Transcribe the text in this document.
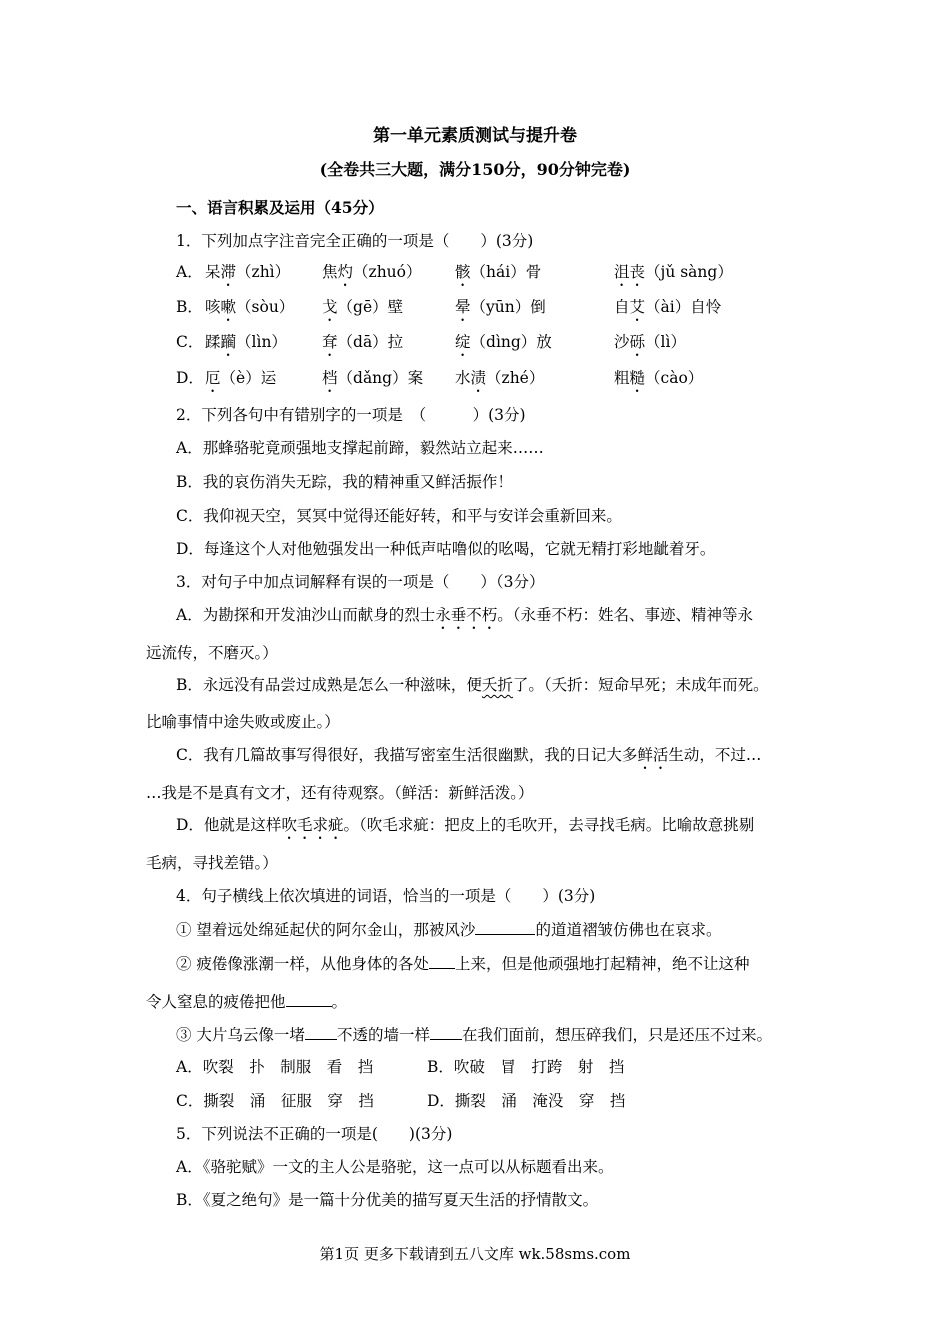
第一单元素质测试与提升卷
(全卷共三大题，满分150分，90分钟完卷)
一、语言积累及运用（45分）
1．下列加点字注音完全正确的一项是（　　）(3分)
A． 呆滞（zhì） 焦灼（zhuó） 骸（hái）骨	沮丧（jǔ sàng）
B． 咳嗽（sòu） 戈（gē）壁	晕（yūn）倒	自艾（ài）自怜
C． 蹂躏（lìn） 耷（dā）拉	绽（dìng）放	沙砾（lì）
D． 厄（è）运	档（dǎng）案 水渍（zhé）	粗糙（cào）
2．下列各句中有错别字的一项是　（　　　）(3分)
A．那蜂骆驼竟顽强地支撑起前蹄，毅然站立起来……
B．我的哀伤消失无踪，我的精神重又鲜活振作！
C．我仰视天空，冥冥中觉得还能好转，和平与安详会重新回来。
D．每逢这个人对他勉强发出一种低声咕噜似的吆喝，它就无精打彩地龇着牙。
3．对句子中加点词解释有误的一项是（　　）（3分）
A．为勘探和开发油沙山而献身的烈士永垂不朽。（永垂不朽：姓名、事迹、精神等永
远流传，不磨灭。）
B．永远没有品尝过成熟是怎么一种滋味，便夭折了。（夭折：短命早死；未成年而死。
比喻事情中途失败或废止。）
C．我有几篇故事写得很好，我描写密室生活很幽默，我的日记大多鲜活生动，不过…
…我是不是真有文才，还有待观察。（鲜活：新鲜活泼。）
D．他就是这样吹毛求疵。（吹毛求疵：把皮上的毛吹开，去寻找毛病。比喻故意挑剔
毛病，寻找差错。）
4．句子横线上依次填进的词语，恰当的一项是（　　）(3分)
① 望着远处绵延起伏的阿尔金山，那被风沙	的道道褶皱仿佛也在哀求。
② 疲倦像涨潮一样，从他身体的各处 上来，但是他顽强地打起精神，绝不让这种
令人窒息的疲倦把他	。
③ 大片乌云像一堵 不透的墙一样 在我们面前，想压碎我们，只是还压不过来。
A．吹裂　扑　制服　看　挡	B．吹破　冒　打跨　射　挡
C．撕裂　涌　征服　穿　挡	D．撕裂　涌　淹没　穿　挡
5．下列说法不正确的一项是(　　)(3分)
A．《骆驼赋》一文的主人公是骆驼，这一点可以从标题看出来。
B．《夏之绝句》是一篇十分优美的描写夏天生活的抒情散文。
第1页 更多下载请到五八文库 wk.58sms.com
